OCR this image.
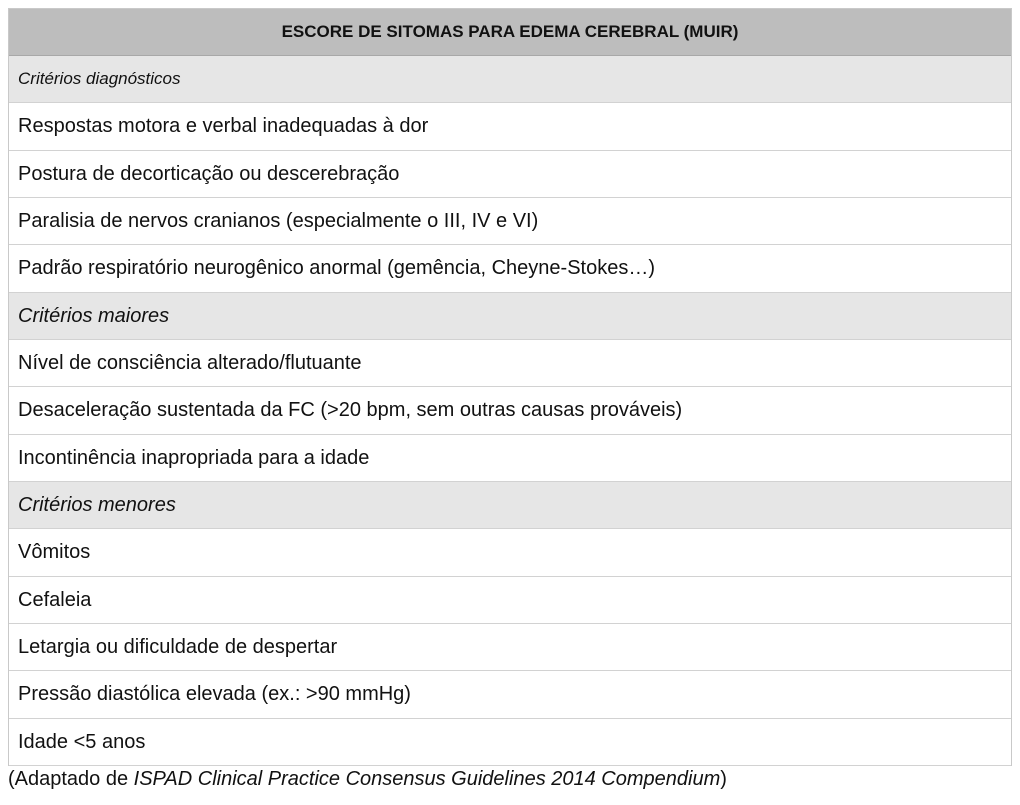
ESCORE DE SITOMAS PARA EDEMA CEREBRAL (MUIR)
Critérios diagnósticos
Respostas motora e verbal inadequadas à dor
Postura de decorticação ou descerebração
Paralisia de nervos cranianos (especialmente o III, IV e VI)
Padrão respiratório neurogênico anormal (gemência, Cheyne-Stokes…)
Critérios maiores
Nível de consciência alterado/flutuante
Desaceleração sustentada da FC (>20 bpm, sem outras causas prováveis)
Incontinência inapropriada para a idade
Critérios menores
Vômitos
Cefaleia
Letargia ou dificuldade de despertar
Pressão diastólica elevada (ex.: >90 mmHg)
Idade <5 anos
(Adaptado de ISPAD Clinical Practice Consensus Guidelines 2014 Compendium)
